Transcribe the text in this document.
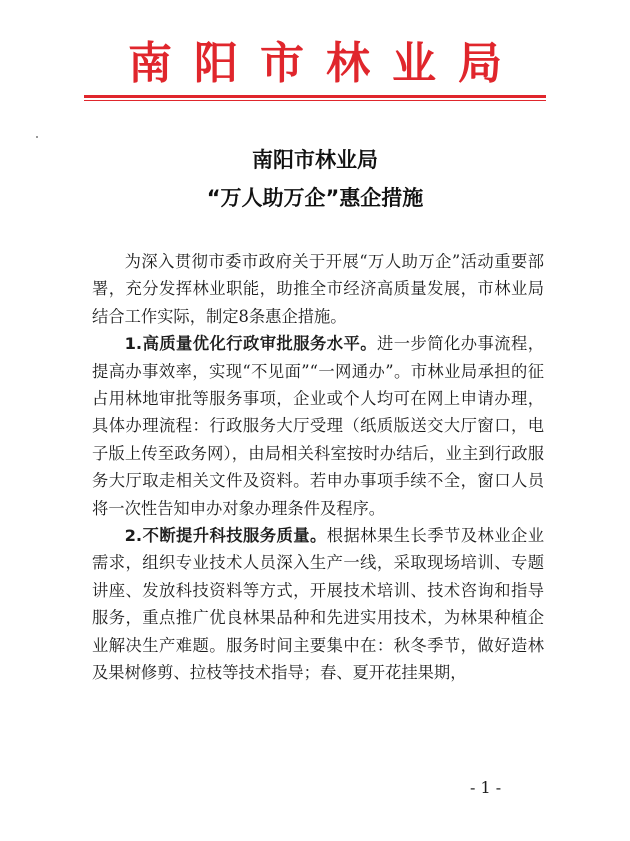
南阳市林业局
南阳市林业局
“万人助万企”惠企措施

为深入贯彻市委市政府关于开展“万人助万企”活动重要部署，充分发挥林业职能，助推全市经济高质量发展，市林业局结合工作实际，制定8条惠企措施。

1.高质量优化行政审批服务水平。进一步简化办事流程，提高办事效率，实现“不见面”“一网通办”。市林业局承担的征占用林地审批等服务事项，企业或个人均可在网上申请办理，具体办理流程：行政服务大厅受理（纸质版送交大厅窗口，电子版上传至政务网），由局相关科室按时办结后，业主到行政服务大厅取走相关文件及资料。若申办事项手续不全，窗口人员将一次性告知申办对象办理条件及程序。

2.不断提升科技服务质量。根据林果生长季节及林业企业需求，组织专业技术人员深入生产一线，采取现场培训、专题讲座、发放科技资料等方式，开展技术培训、技术咨询和指导服务，重点推广优良林果品种和先进实用技术，为林果种植企业解决生产难题。服务时间主要集中在：秋冬季节，做好造林及果树修剪、拉枝等技术指导；春、夏开花挂果期，

- 1 -
